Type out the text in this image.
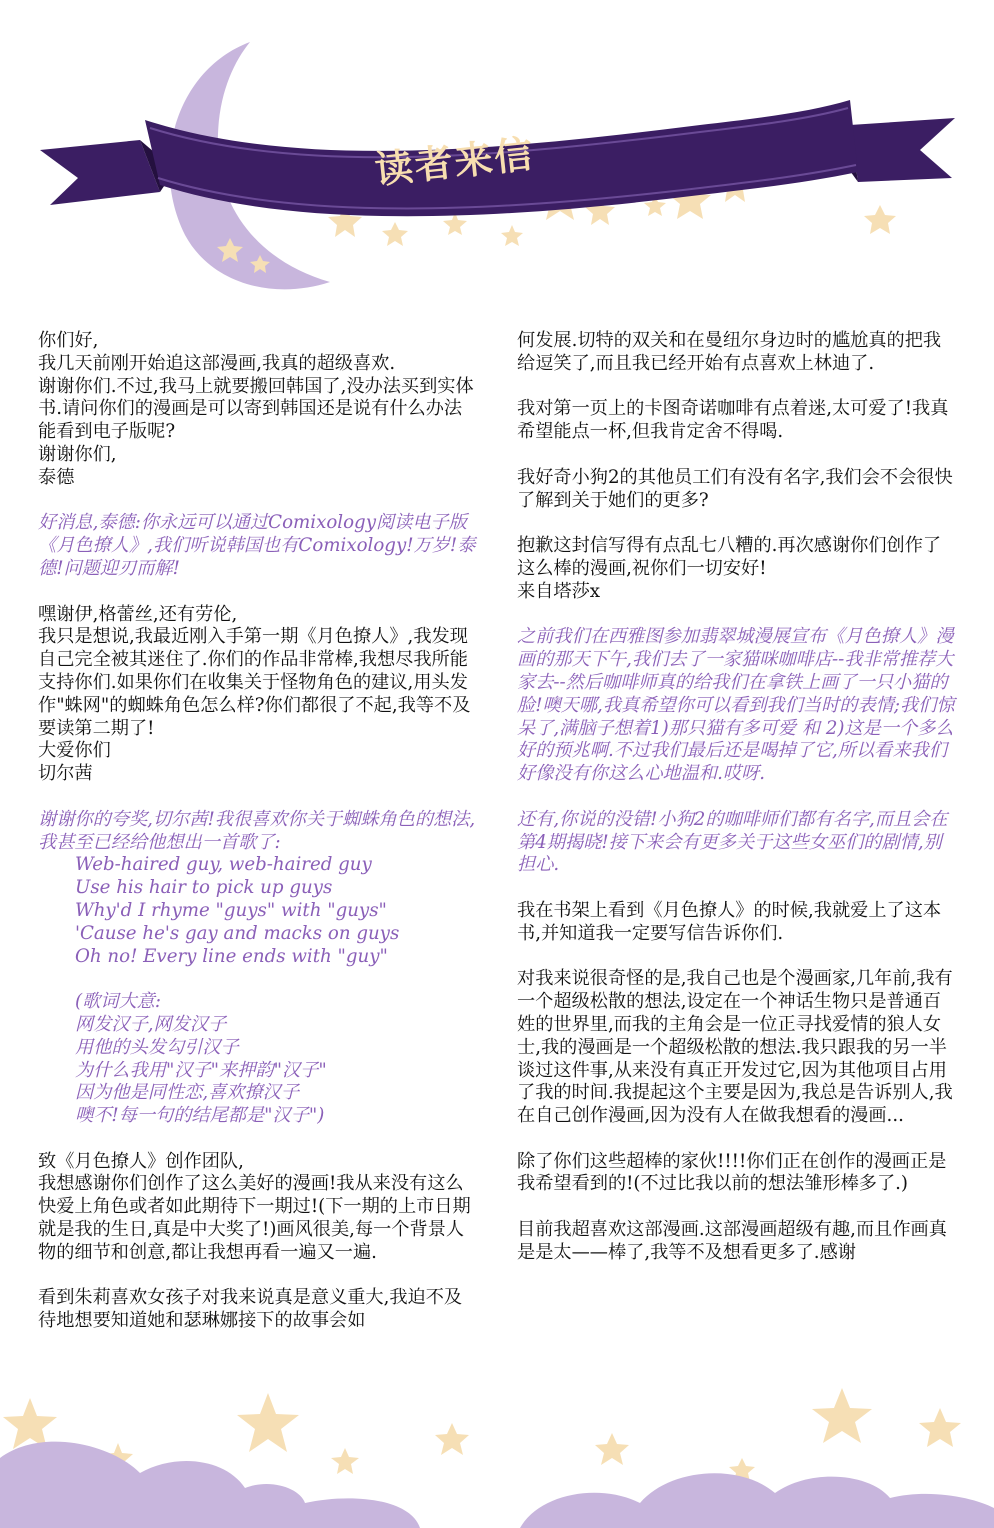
读者来信

你们好,
我几天前刚开始追这部漫画,我真的超级喜欢.
谢谢你们.不过,我马上就要搬回韩国了,没办法买到实体书.请问你们的漫画是可以寄到韩国还是说有什么办法能看到电子版呢?
谢谢你们,
泰德

好消息,泰德:你永远可以通过Comixology阅读电子版《月色撩人》,我们听说韩国也有Comixology!万岁!泰德!问题迎刃而解!

嘿谢伊,格蕾丝,还有劳伦,
我只是想说,我最近刚入手第一期《月色撩人》,我发现自己完全被其迷住了.你们的作品非常棒,我想尽我所能支持你们.如果你们在收集关于怪物角色的建议,用头发作"蛛网"的蜘蛛角色怎么样?你们都很了不起,我等不及要读第二期了!
大爱你们
切尔茜

谢谢你的夸奖,切尔茜!我很喜欢你关于蜘蛛角色的想法,我甚至已经给他想出一首歌了:

Web-haired guy, web-haired guy
Use his hair to pick up guys
Why'd I rhyme "guys" with "guys"
'Cause he's gay and macks on guys
Oh no! Every line ends with "guy"
(歌词大意:
网发汉子,网发汉子
用他的头发勾引汉子
为什么我用"汉子"来押韵"汉子"
因为他是同性恋,喜欢撩汉子
噢不!每一句的结尾都是"汉子")

致《月色撩人》创作团队,
我想感谢你们创作了这么美好的漫画!我从来没有这么快爱上角色或者如此期待下一期过!(下一期的上市日期就是我的生日,真是中大奖了!)画风很美,每一个背景人物的细节和创意,都让我想再看一遍又一遍.

看到朱莉喜欢女孩子对我来说真是意义重大,我迫不及待地想要知道她和瑟琳娜接下的故事会如

何发展.切特的双关和在曼纽尔身边时的尴尬真的把我给逗笑了,而且我已经开始有点喜欢上林迪了.

我对第一页上的卡图奇诺咖啡有点着迷,太可爱了!我真希望能点一杯,但我肯定舍不得喝.

我好奇小狗2的其他员工们有没有名字,我们会不会很快了解到关于她们的更多?

抱歉这封信写得有点乱七八糟的.再次感谢你们创作了这么棒的漫画,祝你们一切安好!
来自塔莎x

之前我们在西雅图参加翡翠城漫展宣布《月色撩人》漫画的那天下午,我们去了一家猫咪咖啡店--我非常推荐大家去--然后咖啡师真的给我们在拿铁上画了一只小猫的脸!噢天哪,我真希望你可以看到我们当时的表情;我们惊呆了,满脑子想着1)那只猫有多可爱 和 2)这是一个多么好的预兆啊.不过我们最后还是喝掉了它,所以看来我们好像没有你这么心地温和.哎呀.

还有,你说的没错!小狗2的咖啡师们都有名字,而且会在第4期揭晓!接下来会有更多关于这些女巫们的剧情,别担心.

我在书架上看到《月色撩人》的时候,我就爱上了这本书,并知道我一定要写信告诉你们.

对我来说很奇怪的是,我自己也是个漫画家,几年前,我有一个超级松散的想法,设定在一个神话生物只是普通百姓的世界里,而我的主角会是一位正寻找爱情的狼人女士,我的漫画是一个超级松散的想法.我只跟我的另一半谈过这件事,从来没有真正开发过它,因为其他项目占用了我的时间.我提起这个主要是因为,我总是告诉别人,我在自己创作漫画,因为没有人在做我想看的漫画...

除了你们这些超棒的家伙!!!!你们正在创作的漫画正是我希望看到的!(不过比我以前的想法雏形棒多了.)

目前我超喜欢这部漫画.这部漫画超级有趣,而且作画真是是太——棒了,我等不及想看更多了.感谢
